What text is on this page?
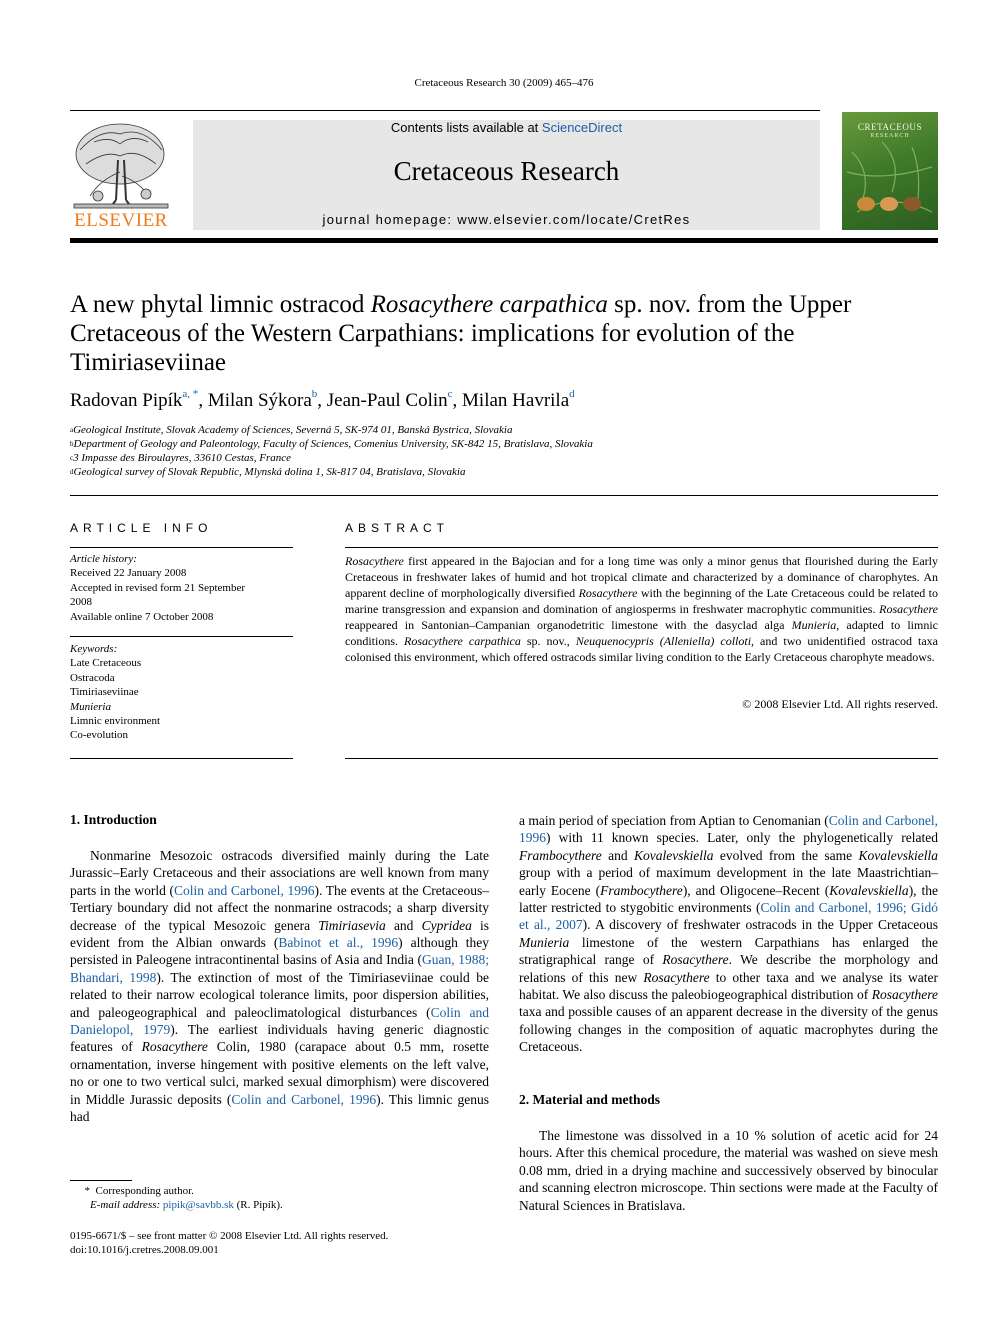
Cretaceous Research 30 (2009) 465–476
ELSEVIER
Contents lists available at ScienceDirect
Cretaceous Research
journal homepage: www.elsevier.com/locate/CretRes
CRETACEOUS
RESEARCH
A new phytal limnic ostracod Rosacythere carpathica sp. nov. from the Upper Cretaceous of the Western Carpathians: implications for evolution of the Timiriaseviinae
Radovan Pipík$^{a, *}$, Milan Sýkora$^b$, Jean-Paul Colin$^c$, Milan Havrila$^d$
$^a$Geological Institute, Slovak Academy of Sciences, Severná 5, SK-974 01, Banská Bystrica, Slovakia
$^b$Department of Geology and Paleontology, Faculty of Sciences, Comenius University, SK-842 15, Bratislava, Slovakia
$^c$3 Impasse des Biroulayres, 33610 Cestas, France
$^d$Geological survey of Slovak Republic, Mlynská dolina 1, Sk-817 04, Bratislava, Slovakia
ARTICLE INFO
Article history:
Received 22 January 2008
Accepted in revised form 21 September
2008
Available online 7 October 2008
Keywords:
Late Cretaceous
Ostracoda
Timiriaseviinae
Munieria
Limnic environment
Co-evolution
ABSTRACT
Rosacythere first appeared in the Bajocian and for a long time was only a minor genus that flourished during the Early Cretaceous in freshwater lakes of humid and hot tropical climate and characterized by a dominance of charophytes. An apparent decline of morphologically diversified Rosacythere with the beginning of the Late Cretaceous could be related to marine transgression and expansion and domination of angiosperms in freshwater macrophytic communities. Rosacythere reappeared in Santonian–Campanian organodetritic limestone with the dasyclad alga Munieria, adapted to limnic conditions. Rosacythere carpathica sp. nov., Neuquenocypris (Alleniella) colloti, and two unidentified ostracod taxa colonised this environment, which offered ostracods similar living condition to the Early Cretaceous charophyte meadows.
© 2008 Elsevier Ltd. All rights reserved.
1. Introduction

Nonmarine Mesozoic ostracods diversified mainly during the Late Jurassic–Early Cretaceous and their associations are well known from many parts in the world (Colin and Carbonel, 1996). The events at the Cretaceous–Tertiary boundary did not affect the nonmarine ostracods; a sharp diversity decrease of the typical Mesozoic genera Timiriasevia and Cypridea is evident from the Albian onwards (Babinot et al., 1996) although they persisted in Paleogene intracontinental basins of Asia and India (Guan, 1988; Bhandari, 1998). The extinction of most of the Timiriaseviinae could be related to their narrow ecological tolerance limits, poor dispersion abilities, and paleogeographical and paleoclimatological disturbances (Colin and Danielopol, 1979). The earliest individuals having generic diagnostic features of Rosacythere Colin, 1980 (carapace about 0.5 mm, rosette ornamentation, inverse hingement with positive elements on the left valve, no or one to two vertical sulci, marked sexual dimorphism) were discovered in Middle Jurassic deposits (Colin and Carbonel, 1996). This limnic genus had

a main period of speciation from Aptian to Cenomanian (Colin and Carbonel, 1996) with 11 known species. Later, only the phylogenetically related Frambocythere and Kovalevskiella evolved from the same Kovalevskiella group with a period of maximum development in the late Maastrichtian–early Eocene (Frambocythere), and Oligocene–Recent (Kovalevskiella), the latter restricted to stygobitic environments (Colin and Carbonel, 1996; Gidó et al., 2007). A discovery of freshwater ostracods in the Upper Cretaceous Munieria limestone of the western Carpathians has enlarged the stratigraphical range of Rosacythere. We describe the morphology and relations of this new Rosacythere to other taxa and we analyse its water habitat. We also discuss the paleobiogeographical distribution of Rosacythere taxa and possible causes of an apparent decrease in the diversity of the genus following changes in the composition of aquatic macrophytes during the Cretaceous.

2. Material and methods

The limestone was dissolved in a 10 % solution of acetic acid for 24 hours. After this chemical procedure, the material was washed on sieve mesh 0.08 mm, dried in a drying machine and successively observed by binocular and scanning electron microscope. Thin sections were made at the Faculty of Natural Sciences in Bratislava.

* Corresponding author.
E-mail address: pipik@savbb.sk (R. Pipík).
0195-6671/$ – see front matter © 2008 Elsevier Ltd. All rights reserved.
doi:10.1016/j.cretres.2008.09.001
